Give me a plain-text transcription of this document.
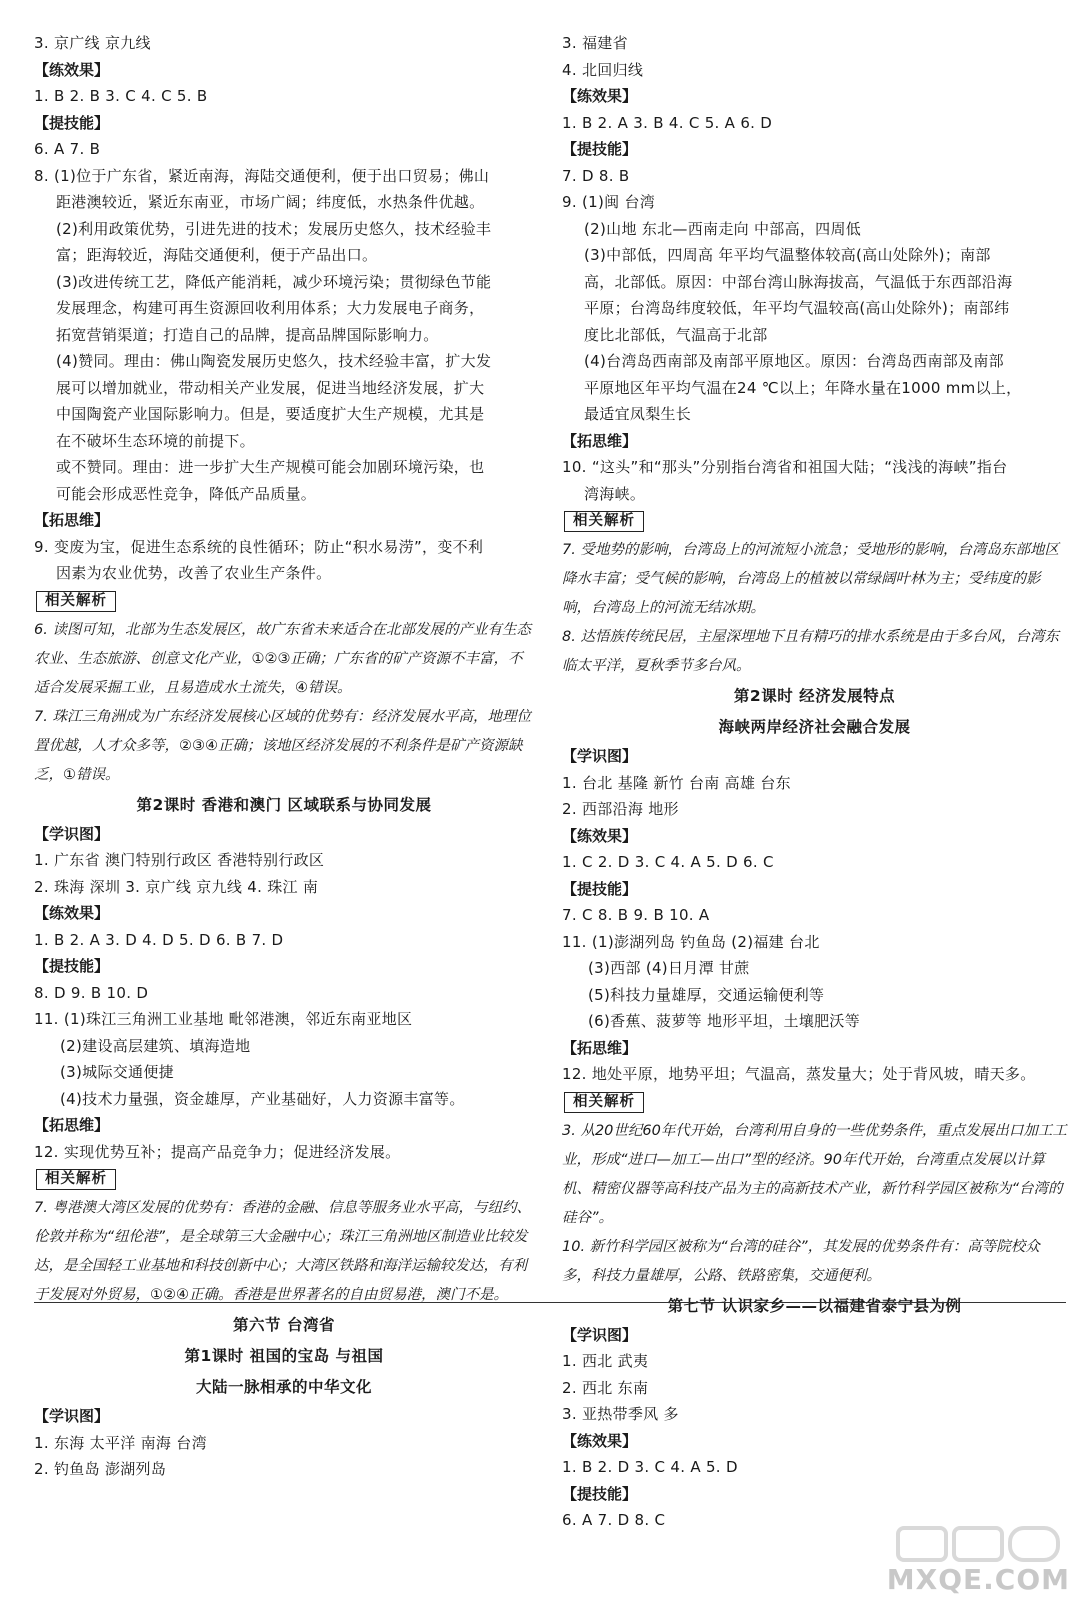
3. 京广线 京九线
【练效果】
1. B 2. B 3. C 4. C 5. B
【提技能】
6. A 7. B
8. (1)位于广东省，紧近南海，海陆交通便利，便于出口贸易；佛山
距港澳较近，紧近东南亚，市场广阔；纬度低，水热条件优越。
(2)利用政策优势，引进先进的技术；发展历史悠久，技术经验丰
富；距海较近，海陆交通便利，便于产品出口。
(3)改进传统工艺，降低产能消耗，减少环境污染；贯彻绿色节能
发展理念，构建可再生资源回收利用体系；大力发展电子商务，
拓宽营销渠道；打造自己的品牌，提高品牌国际影响力。
(4)赞同。理由：佛山陶瓷发展历史悠久，技术经验丰富，扩大发
展可以增加就业，带动相关产业发展，促进当地经济发展，扩大
中国陶瓷产业国际影响力。但是，要适度扩大生产规模，尤其是
在不破坏生态环境的前提下。
或不赞同。理由：进一步扩大生产规模可能会加剧环境污染，也
可能会形成恶性竞争，降低产品质量。
【拓思维】
9. 变废为宝，促进生态系统的良性循环；防止“积水易涝”，变不利
因素为农业优势，改善了农业生产条件。
相关解析
6. 读图可知，北部为生态发展区，故广东省未来适合在北部发展的产业有生态农业、生态旅游、创意文化产业，①②③正确；广东省的矿产资源不丰富，不适合发展采掘工业，且易造成水土流失，④错误。
7. 珠江三角洲成为广东经济发展核心区域的优势有：经济发展水平高，地理位置优越，人才众多等，②③④正确；该地区经济发展的不利条件是矿产资源缺乏，①错误。
第2课时 香港和澳门 区域联系与协同发展
【学识图】
1. 广东省 澳门特别行政区 香港特别行政区
2. 珠海 深圳 3. 京广线 京九线 4. 珠江 南
【练效果】
1. B 2. A 3. D 4. D 5. D 6. B 7. D
【提技能】
8. D 9. B 10. D
11. (1)珠江三角洲工业基地 毗邻港澳，邻近东南亚地区
(2)建设高层建筑、填海造地
(3)城际交通便捷
(4)技术力量强，资金雄厚，产业基础好，人力资源丰富等。
【拓思维】
12. 实现优势互补；提高产品竞争力；促进经济发展。
相关解析
7. 粤港澳大湾区发展的优势有：香港的金融、信息等服务业水平高，与纽约、伦敦并称为“纽伦港”，是全球第三大金融中心；珠江三角洲地区制造业比较发达，是全国轻工业基地和科技创新中心；大湾区铁路和海洋运输较发达，有利于发展对外贸易，①②④正确。香港是世界著名的自由贸易港，澳门不是。
第六节 台湾省
第1课时 祖国的宝岛 与祖国
大陆一脉相承的中华文化
【学识图】
1. 东海 太平洋 南海 台湾
2. 钓鱼岛 澎湖列岛
3. 福建省
4. 北回归线
【练效果】
1. B 2. A 3. B 4. C 5. A 6. D
【提技能】
7. D 8. B
9. (1)闽 台湾
(2)山地 东北—西南走向 中部高，四周低
(3)中部低，四周高 年平均气温整体较高(高山处除外)；南部
高，北部低。原因：中部台湾山脉海拔高，气温低于东西部沿海
平原；台湾岛纬度较低，年平均气温较高(高山处除外)；南部纬
度比北部低，气温高于北部
(4)台湾岛西南部及南部平原地区。原因：台湾岛西南部及南部
平原地区年平均气温在24 ℃以上；年降水量在1000 mm以上，
最适宜凤梨生长
【拓思维】
10. “这头”和“那头”分别指台湾省和祖国大陆；“浅浅的海峡”指台
湾海峡。
相关解析
7. 受地势的影响，台湾岛上的河流短小流急；受地形的影响，台湾岛东部地区降水丰富；受气候的影响，台湾岛上的植被以常绿阔叶林为主；受纬度的影响，台湾岛上的河流无结冰期。
8. 达悟族传统民居，主屋深埋地下且有精巧的排水系统是由于多台风，台湾东临太平洋，夏秋季节多台风。
第2课时 经济发展特点
海峡两岸经济社会融合发展
【学识图】
1. 台北 基隆 新竹 台南 高雄 台东
2. 西部沿海 地形
【练效果】
1. C 2. D 3. C 4. A 5. D 6. C
【提技能】
7. C 8. B 9. B 10. A
11. (1)澎湖列岛 钓鱼岛 (2)福建 台北
(3)西部 (4)日月潭 甘蔗
(5)科技力量雄厚，交通运输便利等
(6)香蕉、菠萝等 地形平坦，土壤肥沃等
【拓思维】
12. 地处平原，地势平坦；气温高，蒸发量大；处于背风坡，晴天多。
相关解析
3. 从20世纪60年代开始，台湾利用自身的一些优势条件，重点发展出口加工工业，形成“进口—加工—出口”型的经济。90年代开始，台湾重点发展以计算机、精密仪器等高科技产品为主的高新技术产业，新竹科学园区被称为“台湾的硅谷”。
10. 新竹科学园区被称为“台湾的硅谷”，其发展的优势条件有：高等院校众多，科技力量雄厚，公路、铁路密集，交通便利。
第七节 认识家乡——以福建省泰宁县为例
【学识图】
1. 西北 武夷
2. 西北 东南
3. 亚热带季风 多
【练效果】
1. B 2. D 3. C 4. A 5. D
【提技能】
6. A 7. D 8. C
MXQE.COM
